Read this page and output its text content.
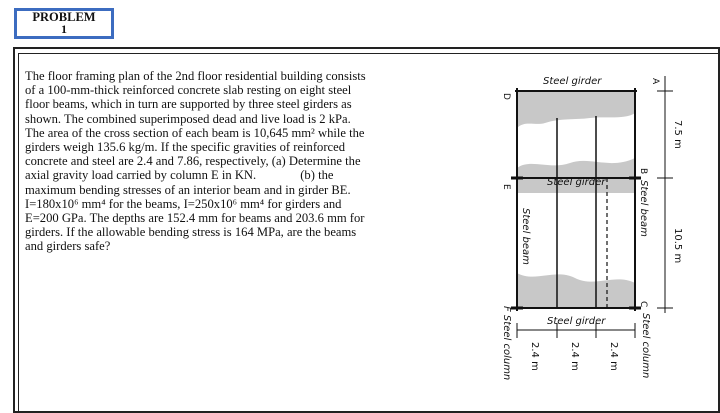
PROBLEM
1

The floor framing plan of the 2nd floor residential building consists

of a 100-mm-thick reinforced concrete slab resting on eight steel

floor beams, which in turn are supported by three steel girders as

shown. The combined superimposed dead and live load is 2 kPa.

The area of the cross section of each beam is 10,645 mm² while the

girders weigh 135.6 kg/m. If the specific gravities of reinforced

concrete and steel are 2.4 and 7.86, respectively, (a) Determine the

axial gravity load carried by column E in KN.              (b) the

maximum bending stresses of an interior beam and in girder BE.

I=180x10⁶ mm⁴ for the beams, I=250x10⁶ mm⁴ for girders and

E=200 GPa. The depths are 152.4 mm for beams and 203.6 mm for

girders. If the allowable bending stress is 164 MPa, are the beams

and girders safe?

Steel girder
Steel girder
Steel girder
Steel beam	Steel beam
F Steel column	Steel column
A
B
C
D
E
7.5 m
10.5 m
2.4 m	2.4 m	2.4 m
